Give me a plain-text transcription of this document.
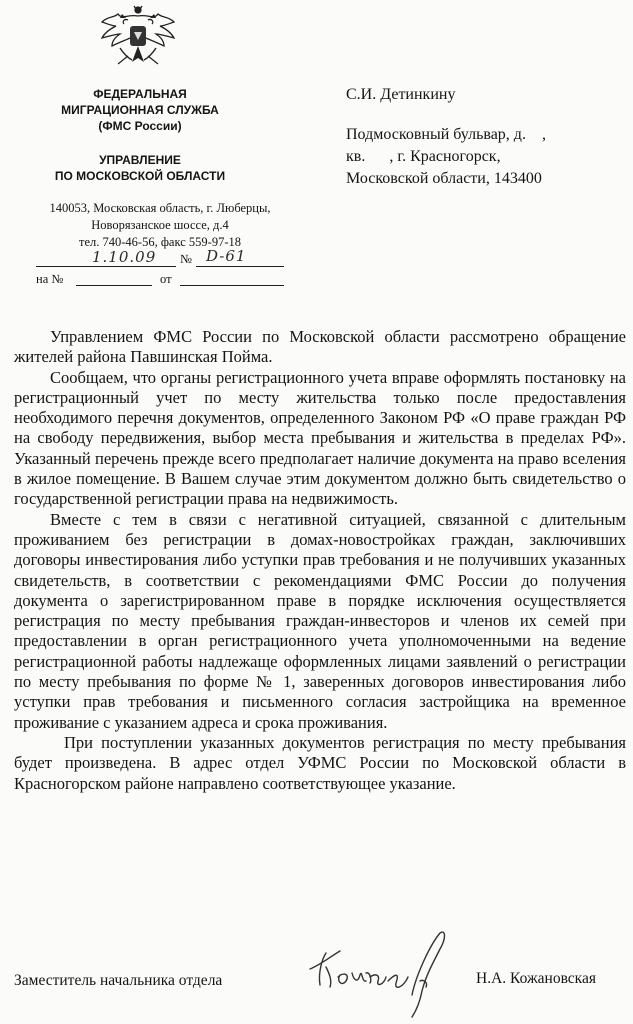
ФЕДЕРАЛЬНАЯ
МИГРАЦИОННАЯ СЛУЖБА
(ФМС России)
УПРАВЛЕНИЕ
ПО МОСКОВСКОЙ ОБЛАСТИ
140053, Московская область, г. Люберцы,
Новорязанское шоссе, д.4
тел. 740-46-56, факс 559-97-18
1.10.09 № D-61
на №	от
С.И. Детинкину
Подмосковный бульвар, д.    ,
кв.      , г. Красногорск,
Московской области, 143400

Управлением ФМС России по Московской области рассмотрено обращение жителей района Павшинская Пойма.

Сообщаем, что органы регистрационного учета вправе оформлять постановку на регистрационный учет по месту жительства только после предоставления необходимого перечня документов, определенного Законом РФ «О праве граждан РФ на свободу передвижения, выбор места пребывания и жительства в пределах РФ». Указанный перечень прежде всего предполагает наличие документа на право вселения в жилое помещение. В Вашем случае этим документом должно быть свидетельство о государственной регистрации права на недвижимость.

Вместе с тем в связи с негативной ситуацией, связанной с длительным проживанием без регистрации в домах-новостройках граждан, заключивших договоры инвестирования либо уступки прав требования и не получивших указанных свидетельств, в соответствии с рекомендациями ФМС России до получения документа о зарегистрированном праве в порядке исключения осуществляется регистрация по месту пребывания граждан-инвесторов и членов их семей при предоставлении в орган регистрационного учета уполномоченными на ведение регистрационной работы надлежаще оформленных лицами заявлений о регистрации по месту пребывания по форме № 1, заверенных договоров инвестирования либо уступки прав требования и письменного согласия застройщика на временное проживание с указанием адреса и срока проживания.

При поступлении указанных документов регистрация по месту пребывания будет произведена. В адрес отдел УФМС России по Московской области в Красногорском районе направлено соответствующее указание.

Заместитель начальника отдела	Н.А. Кожановская
